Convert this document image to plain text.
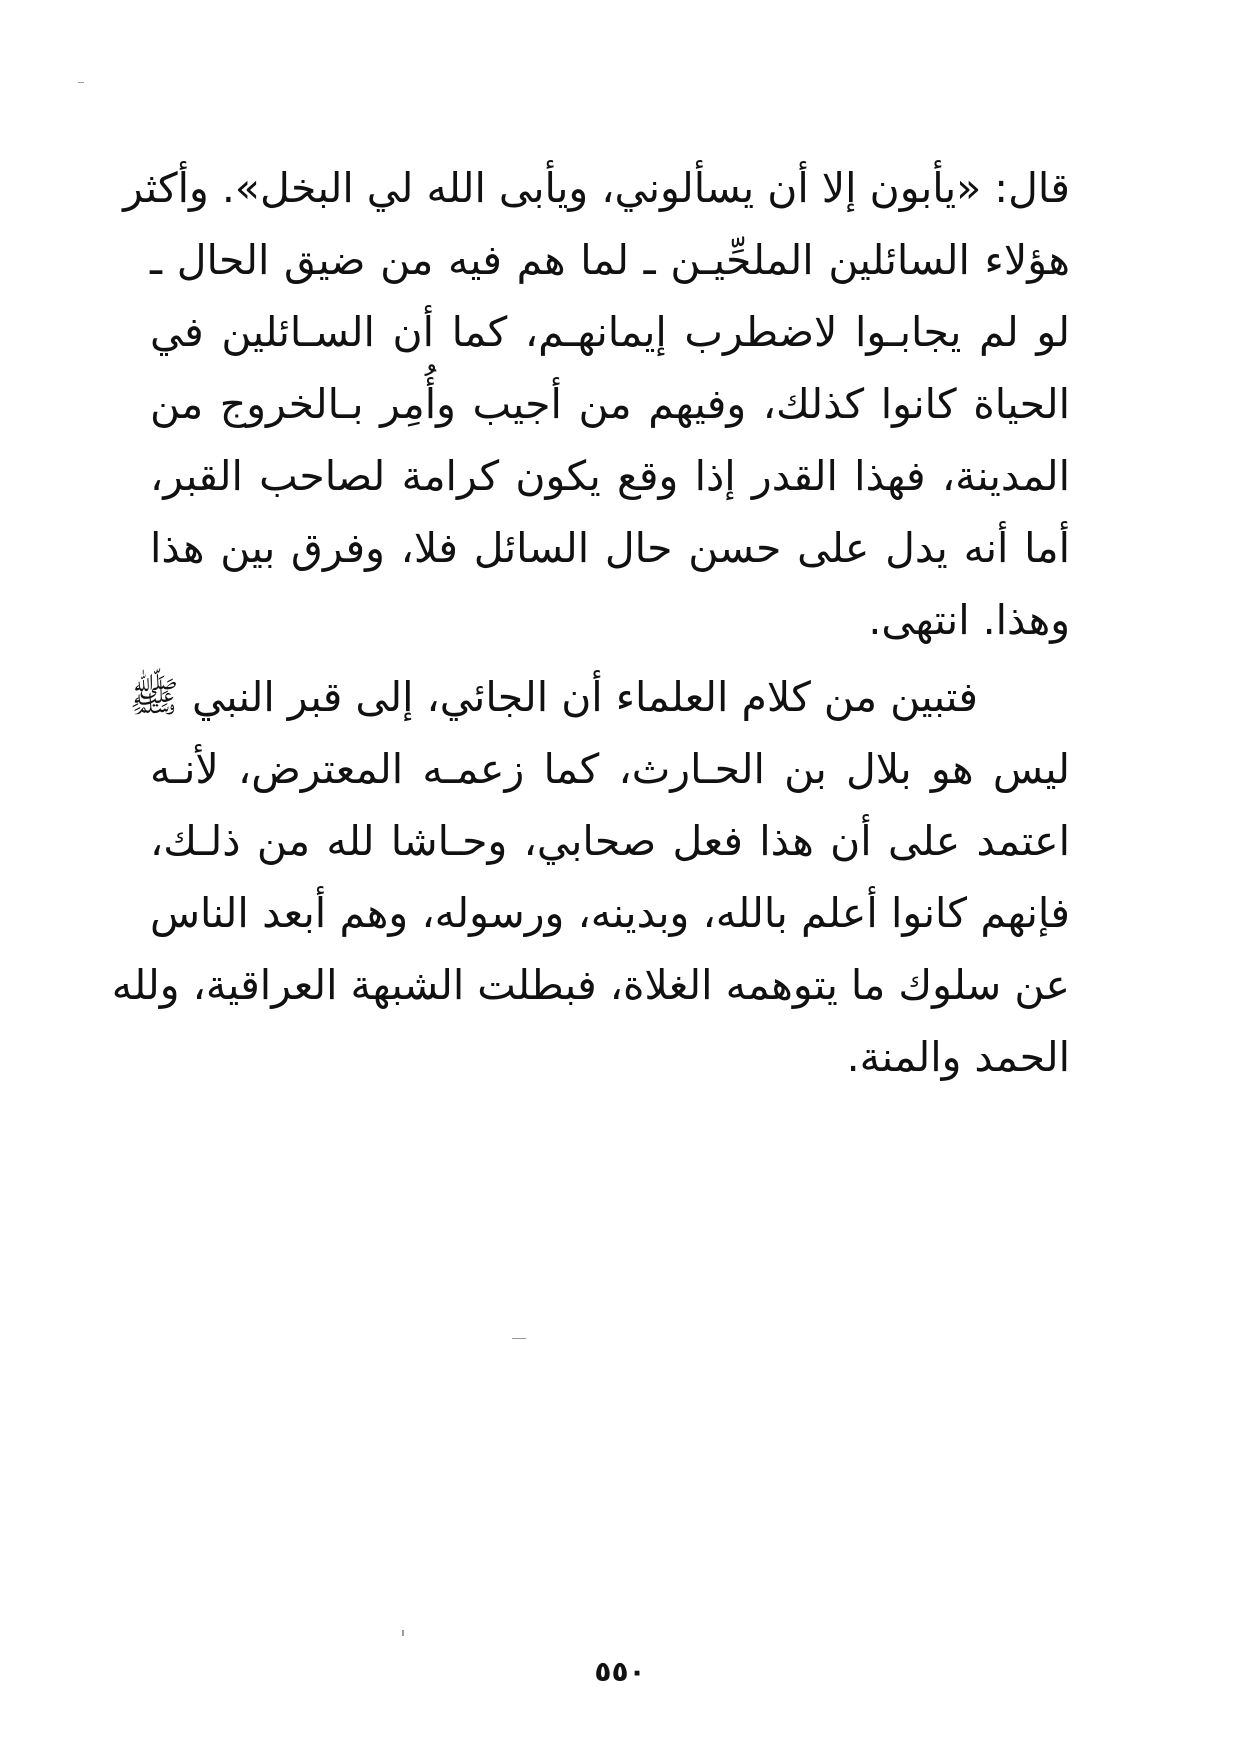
قال: «يأبون إلا أن يسألوني، ويأبى الله لي البخل». وأكثر
هؤلاء السائلين الملحِّيـن ـ لما هم فيه من ضيق الحال ـ
لو لم يجابـوا لاضطرب إيمانهـم، كما أن السـائلين في
الحياة كانوا كذلك، وفيهم من أجيب وأُمِر بـالخروج من
المدينة، فهذا القدر إذا وقع يكون كرامة لصاحب القبر،
أما أنه يدل على حسن حال السائل فلا، وفرق بين هذا
وهذا. انتهى.
فتبين من كلام العلماء أن الجائي، إلى قبر النبي ﷺ
ليس هو بلال بن الحـارث، كما زعمـه المعترض، لأنـه
اعتمد على أن هذا فعل صحابي، وحـاشا لله من ذلـك،
فإنهم كانوا أعلم بالله، وبدينه، ورسوله، وهم أبعد الناس
عن سلوك ما يتوهمه الغلاة، فبطلت الشبهة العراقية، ولله
الحمد والمنة.
٥٥٠
